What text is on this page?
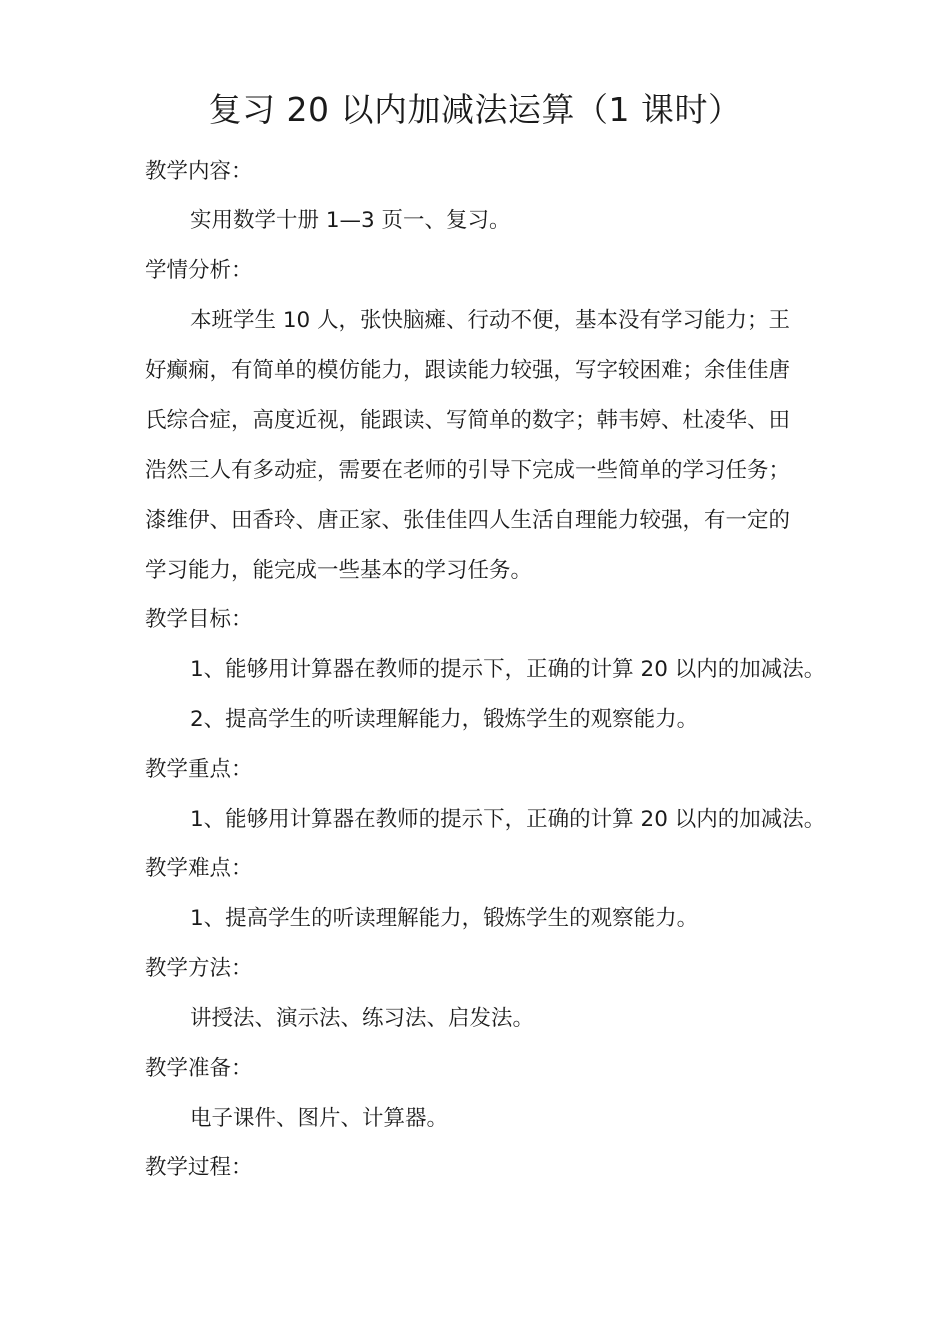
复习 20 以内加减法运算（1 课时）
教学内容：
实用数学十册 1—3 页一、复习。
学情分析：
本班学生 10 人，张快脑瘫、行动不便，基本没有学习能力；王
好癫痫，有简单的模仿能力，跟读能力较强，写字较困难；余佳佳唐
氏综合症，高度近视，能跟读、写简单的数字；韩韦婷、杜凌华、田
浩然三人有多动症，需要在老师的引导下完成一些简单的学习任务；
漆维伊、田香玲、唐正家、张佳佳四人生活自理能力较强，有一定的
学习能力，能完成一些基本的学习任务。
教学目标：
1、能够用计算器在教师的提示下，正确的计算 20 以内的加减法。
2、提高学生的听读理解能力，锻炼学生的观察能力。
教学重点：
1、能够用计算器在教师的提示下，正确的计算 20 以内的加减法。
教学难点：
1、提高学生的听读理解能力，锻炼学生的观察能力。
教学方法：
讲授法、演示法、练习法、启发法。
教学准备：
电子课件、图片、计算器。
教学过程：
